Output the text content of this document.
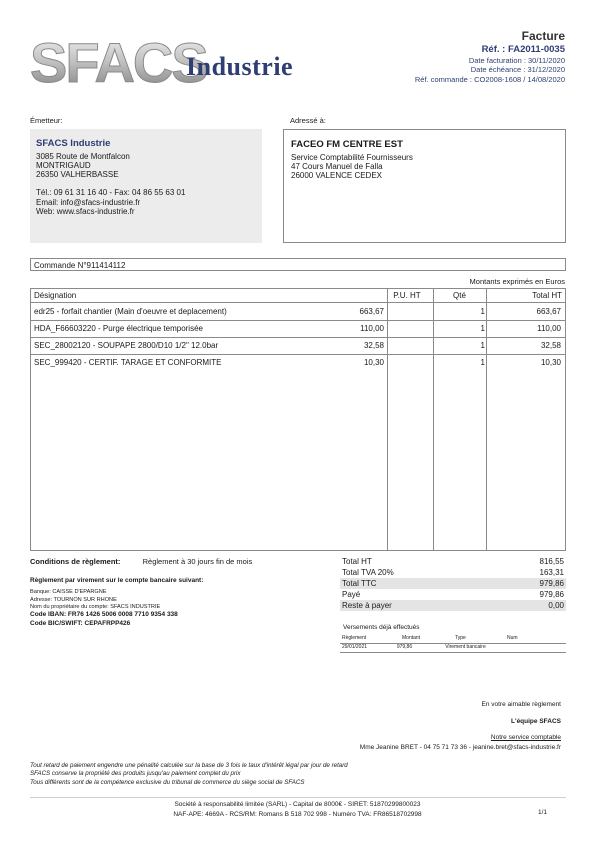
SFACS
Industrie
Facture
Réf. : FA2011-0035
Date facturation : 30/11/2020
Date échéance : 31/12/2020
Réf. commande : CO2008-1608 / 14/08/2020
Émetteur:
SFACS Industrie
3085 Route de Montfalcon
MONTRIGAUD
26350 VALHERBASSE
Tél.: 09 61 31 16 40 - Fax: 04 86 55 63 01
Email: info@sfacs-industrie.fr
Web: www.sfacs-industrie.fr
Adressé à:
FACEO FM CENTRE EST
Service Comptabilité Fournisseurs
47 Cours Manuel de Falla
26000 VALENCE CEDEX
Commande N°911414112
Montants exprimés en Euros
Désignation	P.U. HT	Qté	Total HT
edr25 - forfait chantier (Main d'oeuvre et deplacement)	663,67	1	663,67
HDA_F66603220 - Purge électrique temporisée	110,00	1	110,00
SEC_28002120 - SOUPAPE 2800/D10 1/2" 12.0bar	32,58	1	32,58
SEC_999420 - CERTIF. TARAGE ET CONFORMITE	10,30	1	10,30
Conditions de règlement:	Règlement à 30 jours fin de mois
Règlement par virement sur le compte bancaire suivant:
Banque: CAISSE D'EPARGNE
Adresse: TOURNON SUR RHONE
Nom du propriétaire du compte: SFACS INDUSTRIE
Code IBAN: FR76 1426 5006 0008 7710 9354 338
Code BIC/SWIFT: CEPAFRPP426
Total HT	816,55
Total TVA 20%	163,31
Total TTC	979,86
Payé	979,86
Reste à payer	0,00
Versements déjà effectués
Règlement	Montant	Type	Num
29/01/2021	979,86	Virement bancaire
En votre aimable règlement
L'équipe SFACS
Notre service comptable
Mme Jeanine BRET - 04 75 71 73 36 - jeanine.bret@sfacs-industrie.fr
Tout retard de paiement engendre une pénalité calculée sur la base de 3 fois le taux d'intérêt légal par jour de retard
SFACS conserve la propriété des produits jusqu'au paiement complet du prix
Tous différents sont de la compétence exclusive du tribunal de commerce du siège social de SFACS
Société à responsabilité limitée (SARL) - Capital de 8000€ - SIRET: 51870299800023
NAF-APE: 4669A - RCS/RM: Romans B 518 702 998 - Numéro TVA: FR86518702998	1/1
